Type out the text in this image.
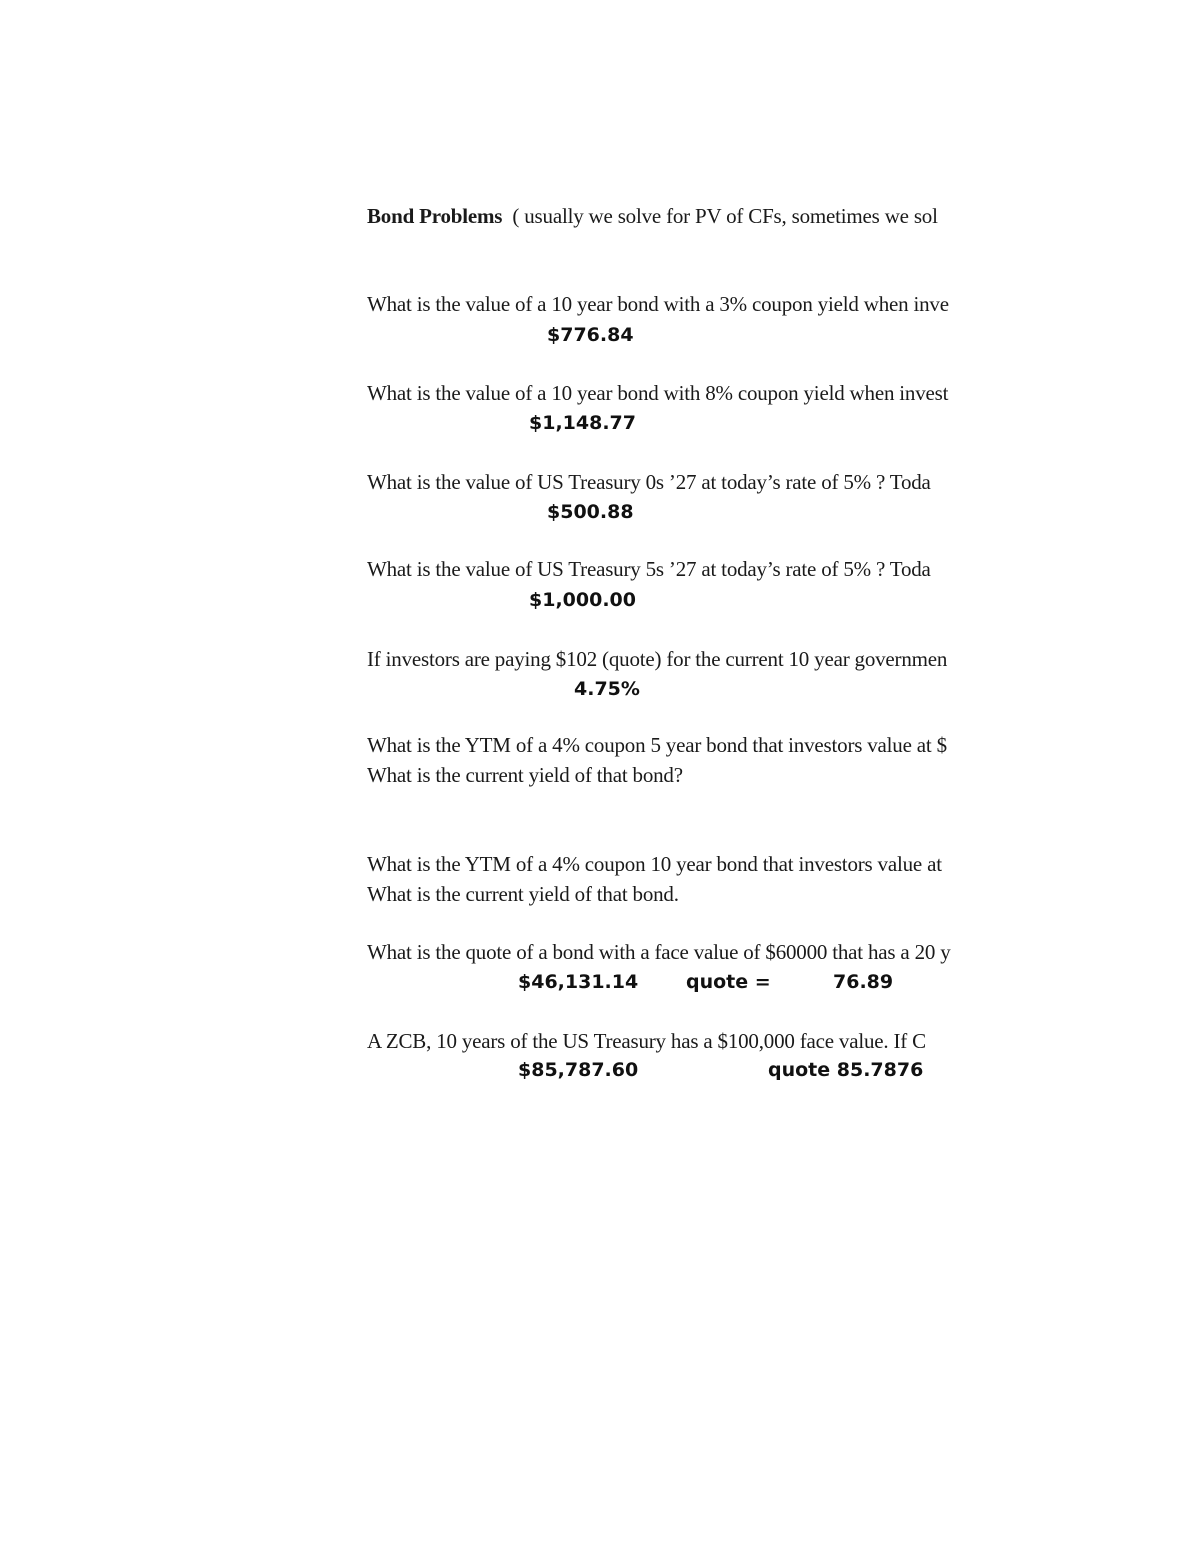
Bond Problems ( usually we solve for PV of CFs, sometimes we sol
What is the value of a 10 year bond with a 3% coupon yield when inve
$776.84
What is the value of a 10 year bond with 8% coupon yield when invest
$1,148.77
What is the value of US Treasury 0s ’27 at today’s rate of 5% ? Toda
$500.88
What is the value of US Treasury 5s ’27 at today’s rate of 5% ? Toda
$1,000.00
If investors are paying $102 (quote) for the current 10 year governmen
4.75%
What is the YTM of a 4% coupon 5 year bond that investors value at $
What is the current yield of that bond?
What is the YTM of a 4% coupon 10 year bond that investors value at
What is the current yield of that bond.
What is the quote of a bond with a face value of $60000 that has a 20 y
$46,131.14	quote =	76.89
A ZCB, 10 years of the US Treasury has a $100,000 face value. If C
$85,787.60	quote 85.7876
